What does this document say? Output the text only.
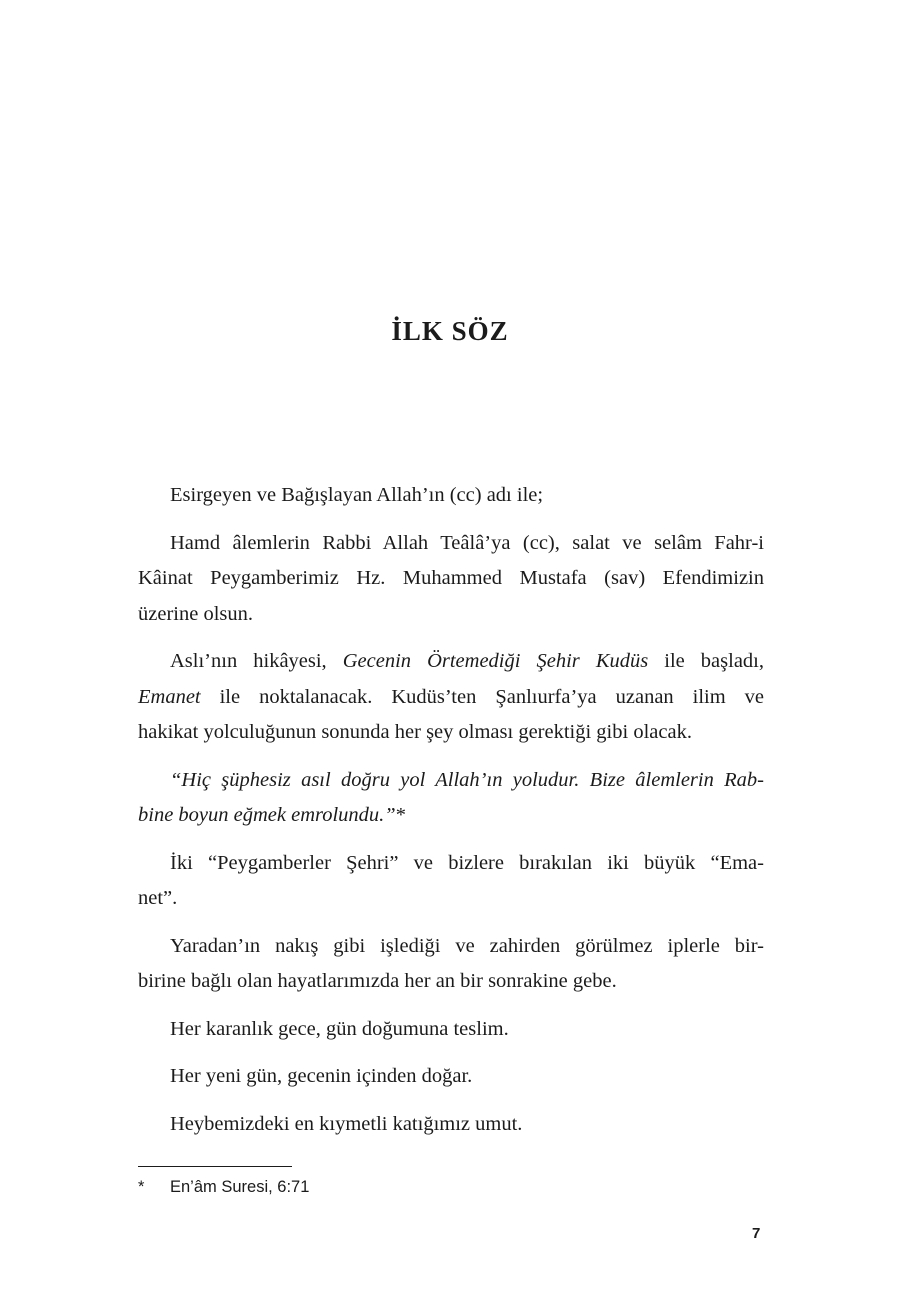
İLK SÖZ

Esirgeyen ve Bağışlayan Allah’ın (cc) adı ile;

Hamd âlemlerin Rabbi Allah Teâlâ’ya (cc), salat ve selâm Fahr-i
Kâinat Peygamberimiz Hz. Muhammed Mustafa (sav) Efendimizin
üzerine olsun.

Aslı’nın hikâyesi, Gecenin Örtemediği Şehir Kudüs ile başladı,
Emanet ile noktalanacak. Kudüs’ten Şanlıurfa’ya uzanan ilim ve
hakikat yolculuğunun sonunda her şey olması gerektiği gibi olacak.

“Hiç şüphesiz asıl doğru yol Allah’ın yoludur. Bize âlemlerin Rab-
bine boyun eğmek emrolundu.”*

İki “Peygamberler Şehri” ve bizlere bırakılan iki büyük “Ema-
net”.

Yaradan’ın nakış gibi işlediği ve zahirden görülmez iplerle bir-
birine bağlı olan hayatlarımızda her an bir sonrakine gebe.

Her karanlık gece, gün doğumuna teslim.

Her yeni gün, gecenin içinden doğar.

Heybemizdeki en kıymetli katığımız umut.

* En’âm Suresi, 6:71
7
